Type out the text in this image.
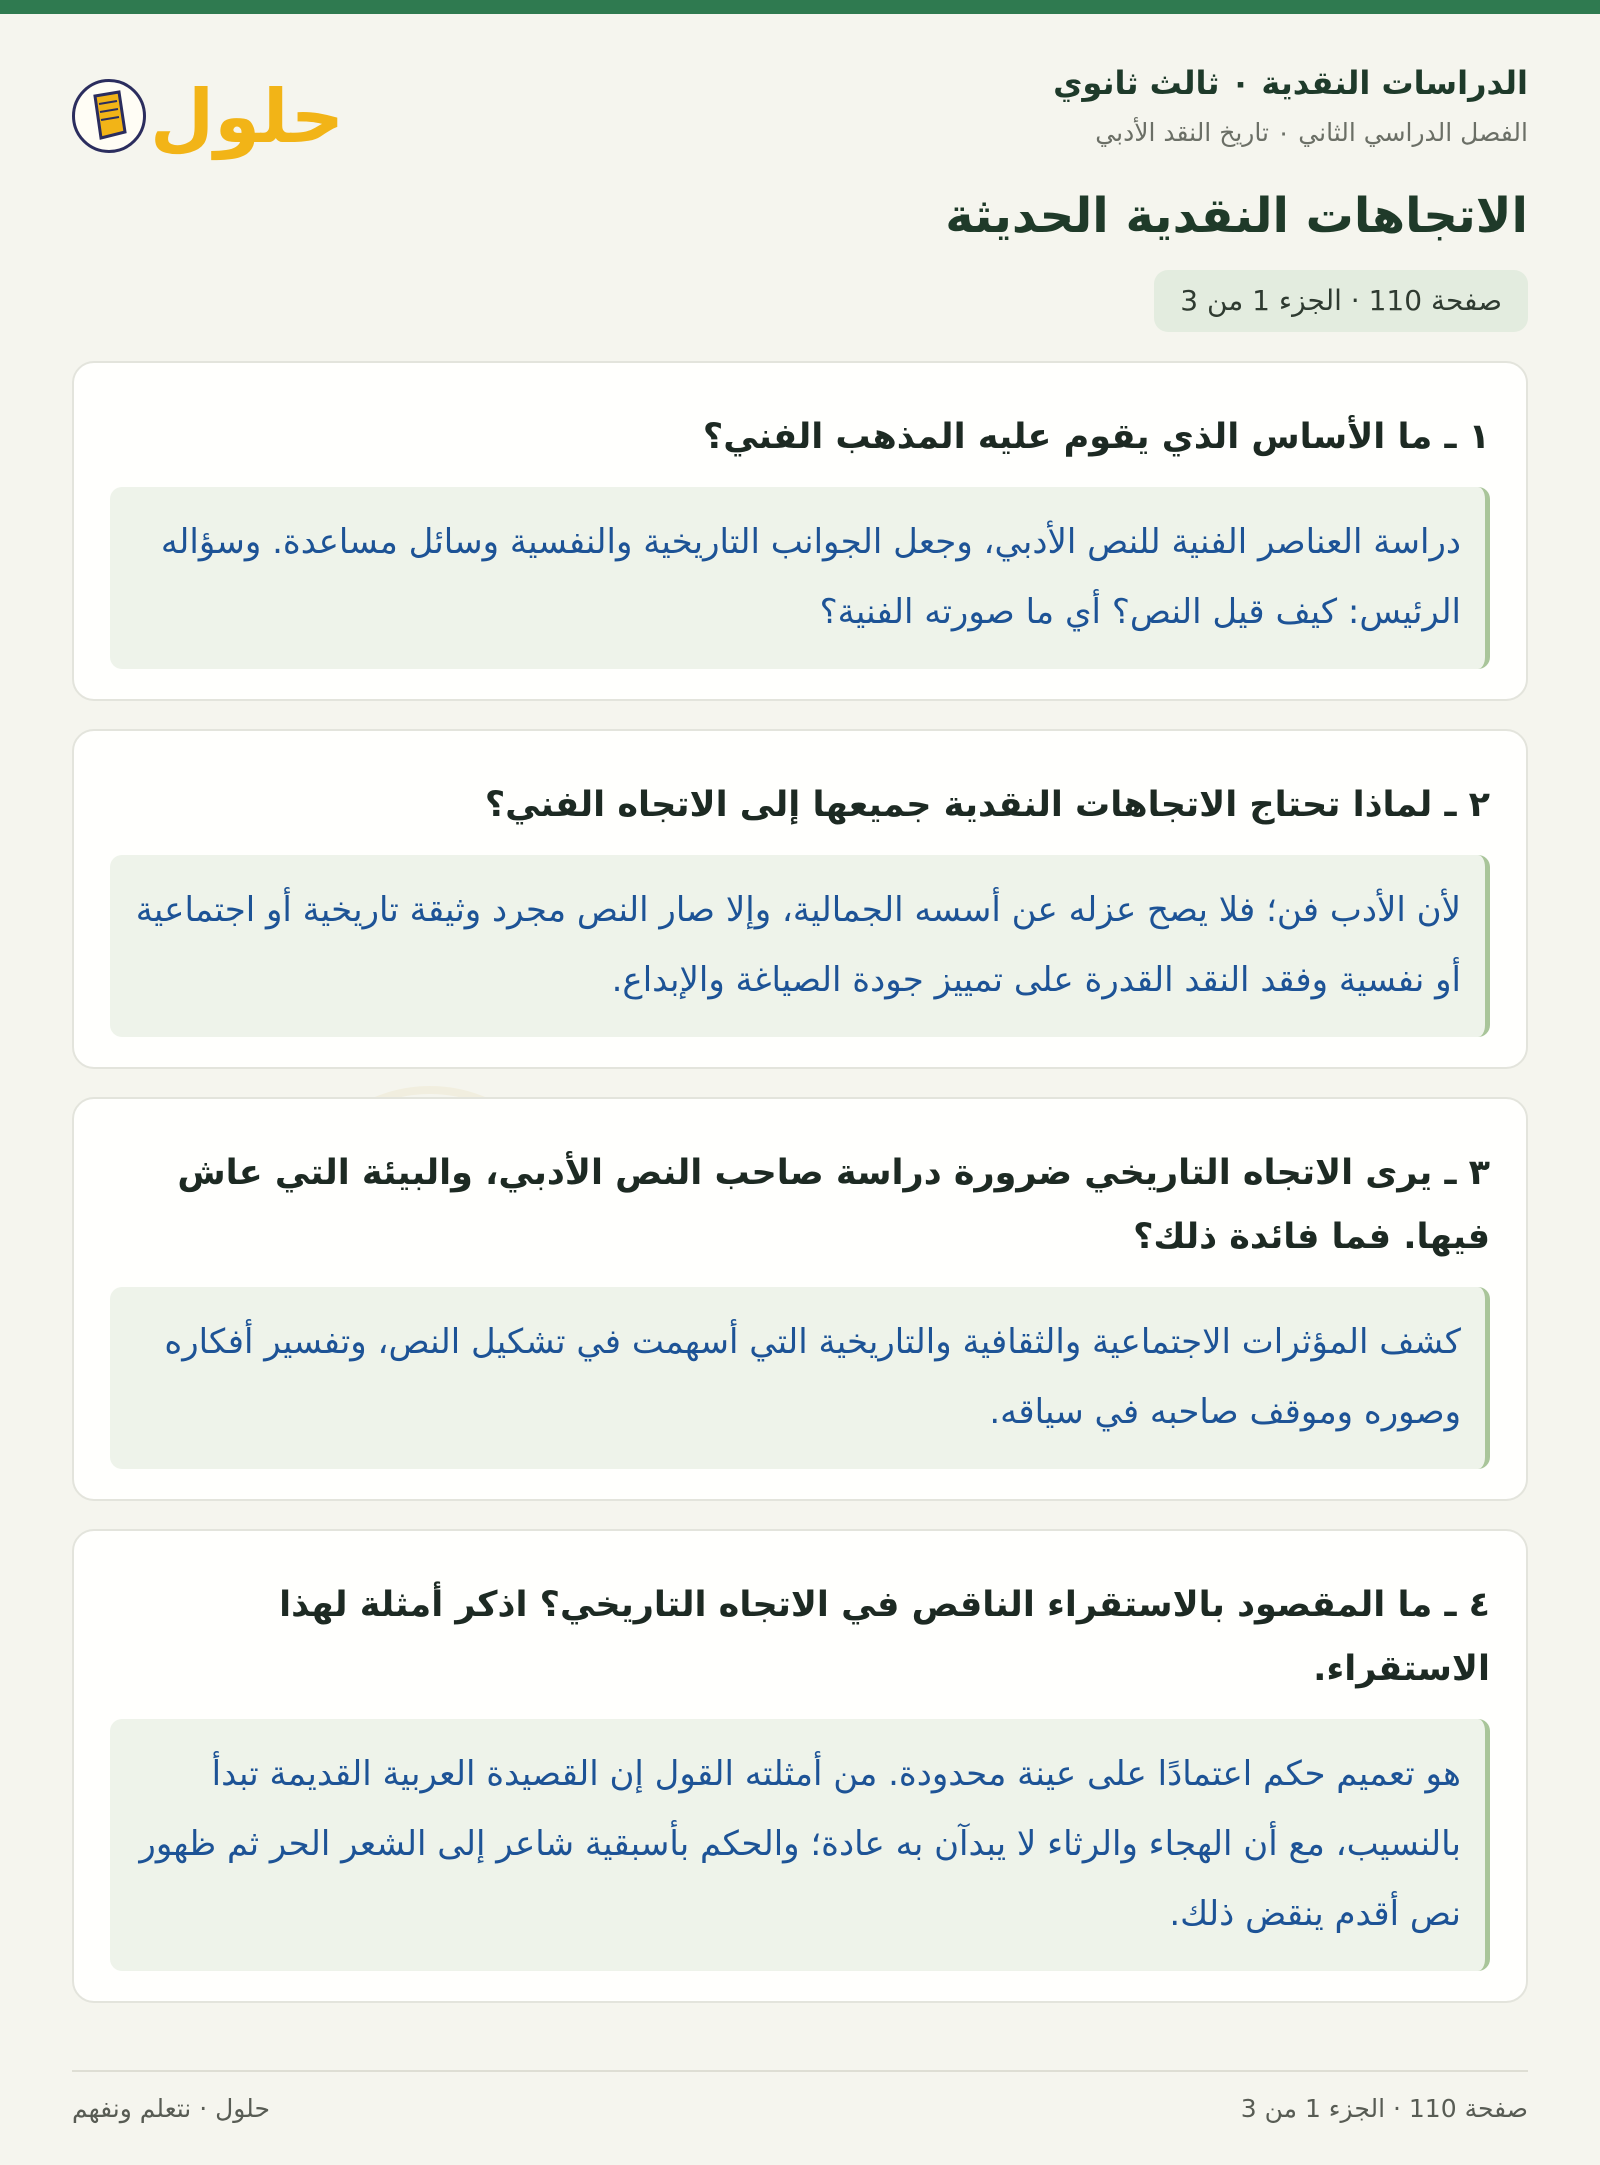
الدراسات النقدية ٠ ثالث ثانوي
الفصل الدراسي الثاني ٠ تاريخ النقد الأدبي
حلول
الاتجاهات النقدية الحديثة
صفحة 110 · الجزء 1 من 3
١ ـ ما الأساس الذي يقوم عليه المذهب الفني؟
دراسة العناصر الفنية للنص الأدبي، وجعل الجوانب التاريخية والنفسية وسائل مساعدة. وسؤاله الرئيس: كيف قيل النص؟ أي ما صورته الفنية؟
٢ ـ لماذا تحتاج الاتجاهات النقدية جميعها إلى الاتجاه الفني؟
لأن الأدب فن؛ فلا يصح عزله عن أسسه الجمالية، وإلا صار النص مجرد وثيقة تاريخية أو اجتماعية أو نفسية وفقد النقد القدرة على تمييز جودة الصياغة والإبداع.
٣ ـ يرى الاتجاه التاريخي ضرورة دراسة صاحب النص الأدبي، والبيئة التي عاش فيها. فما فائدة ذلك؟
كشف المؤثرات الاجتماعية والثقافية والتاريخية التي أسهمت في تشكيل النص، وتفسير أفكاره وصوره وموقف صاحبه في سياقه.
٤ ـ ما المقصود بالاستقراء الناقص في الاتجاه التاريخي؟ اذكر أمثلة لهذا الاستقراء.
هو تعميم حكم اعتمادًا على عينة محدودة. من أمثلته القول إن القصيدة العربية القديمة تبدأ بالنسيب، مع أن الهجاء والرثاء لا يبدآن به عادة؛ والحكم بأسبقية شاعر إلى الشعر الحر ثم ظهور نص أقدم ينقض ذلك.
صفحة 110 · الجزء 1 من 3
حلول · نتعلم ونفهم
